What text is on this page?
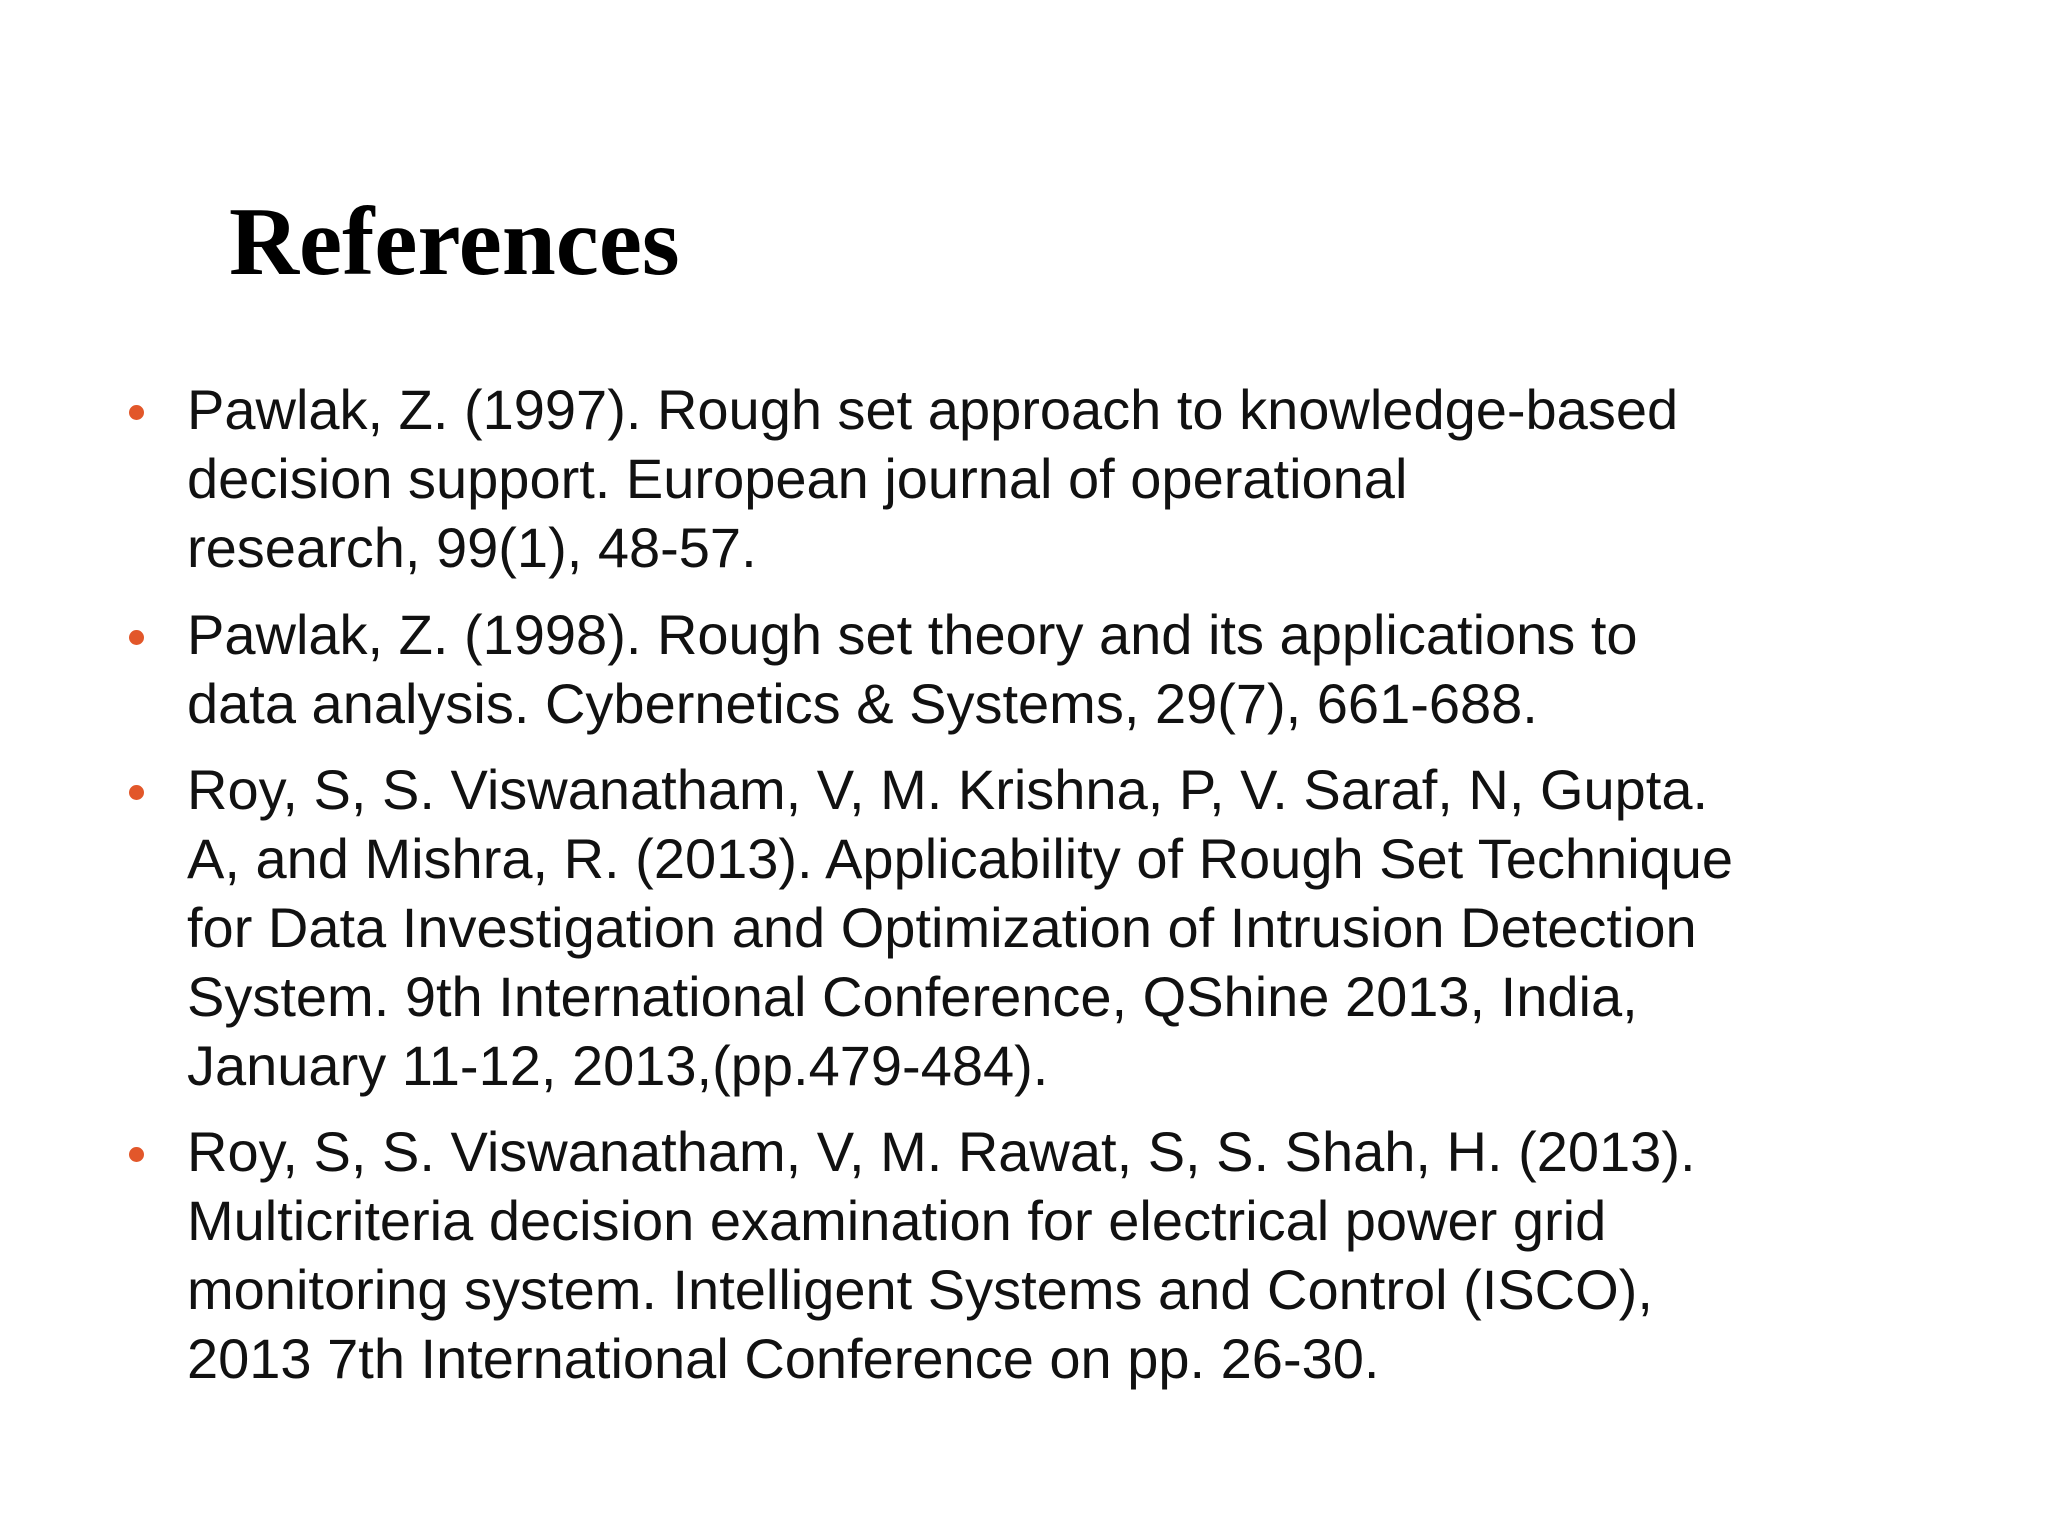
References
Pawlak, Z. (1997). Rough set approach to knowledge-based
decision support. European journal of operational
research, 99(1), 48-57.
Pawlak, Z. (1998). Rough set theory and its applications to
data analysis. Cybernetics & Systems, 29(7), 661-688.
Roy, S, S. Viswanatham, V, M. Krishna, P, V. Saraf, N, Gupta.
A, and Mishra, R. (2013). Applicability of Rough Set Technique
for Data Investigation and Optimization of Intrusion Detection
System. 9th International Conference, QShine 2013, India,
January 11-12, 2013,(pp.479-484).
Roy, S, S. Viswanatham, V, M. Rawat, S, S. Shah, H. (2013).
Multicriteria decision examination for electrical power grid
monitoring system. Intelligent Systems and Control (ISCO),
2013 7th International Conference on pp. 26-30.
